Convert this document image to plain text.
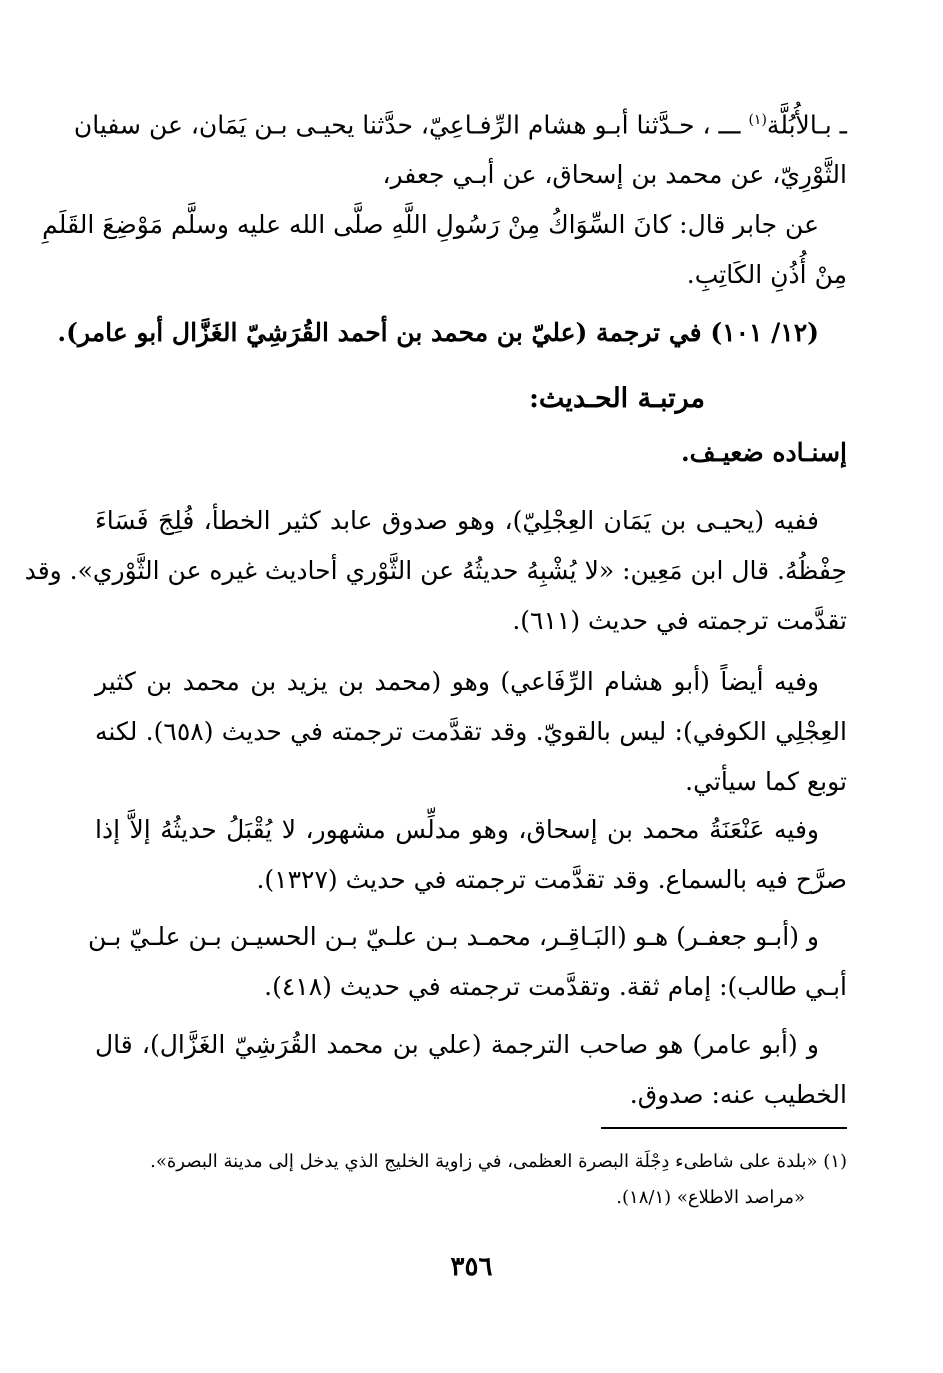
ـ بـالأُبُلَّة$^{(١)}$ ـــ ، حـدَّثنا أبـو هشام الرِّفـاعِيّ، حدَّثنا يحيـى بـن يَمَان، عن سفيان
الثَّوْرِيّ، عن محمد بن إسحاق، عن أبـي جعفر،
عن جابر قال: كانَ السِّوَاكُ مِنْ رَسُولِ اللَّهِ صلَّى الله عليه وسلَّم مَوْضِعَ القَلَمِ
مِنْ أُذُنِ الكَاتِبِ.
(١٢/ ١٠١) في ترجمة (عليّ بن محمد بن أحمد القُرَشِيّ الغَزَّال أبو عامر).
مرتبـة الحـديث:
إسنـاده ضعيـف.
ففيه (يحيـى بن يَمَان العِجْلِيّ)، وهو صدوق عابد كثير الخطأ، فُلِجَ فَسَاءَ
حِفْظُهُ. قال ابن مَعِين: «لا يُشْبِهُ حديثُهُ عن الثَّوْري أحاديث غيره عن الثَّوْري». وقد
تقدَّمت ترجمته في حديث (٦١١).
وفيه أيضاً (أبو هشام الرِّفَاعي) وهو (محمد بن يزيد بن محمد بن كثير
العِجْلِي الكوفي): ليس بالقويّ. وقد تقدَّمت ترجمته في حديث (٦٥٨). لكنه
توبع كما سيأتي.
وفيه عَنْعَنَةُ محمد بن إسحاق، وهو مدلِّس مشهور، لا يُقْبَلُ حديثُهُ إلاَّ إذا
صرَّح فيه بالسماع. وقد تقدَّمت ترجمته في حديث (١٣٢٧).
و (أبـو جعفـر) هـو (البَـاقِـر، محمـد بـن علـيّ بـن الحسيـن بـن علـيّ بـن
أبـي طالب): إمام ثقة. وتقدَّمت ترجمته في حديث (٤١٨).
و (أبو عامر) هو صاحب الترجمة (علي بن محمد القُرَشِيّ الغَزَّال)، قال
الخطيب عنه: صدوق.
(١) «بلدة على شاطىء دِجْلَة البصرة العظمى، في زاوية الخليج الذي يدخل إلى مدينة البصرة».
«مراصد الاطلاع» (١٨/١).
٣٥٦
